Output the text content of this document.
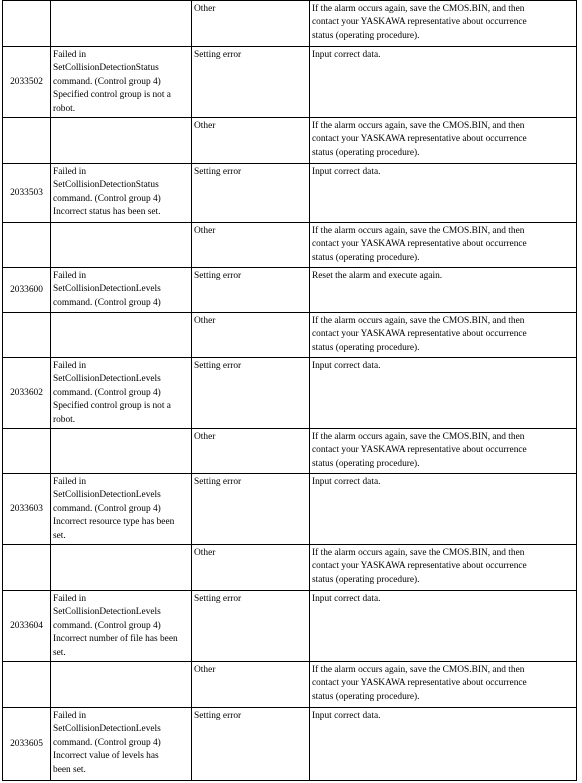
		Other	If the alarm occurs again, save the CMOS.BIN, and then
contact your YASKAWA representative about occurrence
status (operating procedure).
2033502	Failed in
SetCollisionDetectionStatus
command. (Control group 4)
Specified control group is not a
robot.	Setting error	Input correct data.
		Other	If the alarm occurs again, save the CMOS.BIN, and then
contact your YASKAWA representative about occurrence
status (operating procedure).
2033503	Failed in
SetCollisionDetectionStatus
command. (Control group 4)
Incorrect status has been set.	Setting error	Input correct data.
		Other	If the alarm occurs again, save the CMOS.BIN, and then
contact your YASKAWA representative about occurrence
status (operating procedure).
2033600	Failed in
SetCollisionDetectionLevels
command. (Control group 4)	Setting error	Reset the alarm and execute again.
		Other	If the alarm occurs again, save the CMOS.BIN, and then
contact your YASKAWA representative about occurrence
status (operating procedure).
2033602	Failed in
SetCollisionDetectionLevels
command. (Control group 4)
Specified control group is not a
robot.	Setting error	Input correct data.
		Other	If the alarm occurs again, save the CMOS.BIN, and then
contact your YASKAWA representative about occurrence
status (operating procedure).
2033603	Failed in
SetCollisionDetectionLevels
command. (Control group 4)
Incorrect resource type has been
set.	Setting error	Input correct data.
		Other	If the alarm occurs again, save the CMOS.BIN, and then
contact your YASKAWA representative about occurrence
status (operating procedure).
2033604	Failed in
SetCollisionDetectionLevels
command. (Control group 4)
Incorrect number of file has been
set.	Setting error	Input correct data.
		Other	If the alarm occurs again, save the CMOS.BIN, and then
contact your YASKAWA representative about occurrence
status (operating procedure).
2033605	Failed in
SetCollisionDetectionLevels
command. (Control group 4)
Incorrect value of levels has
been set.	Setting error	Input correct data.
